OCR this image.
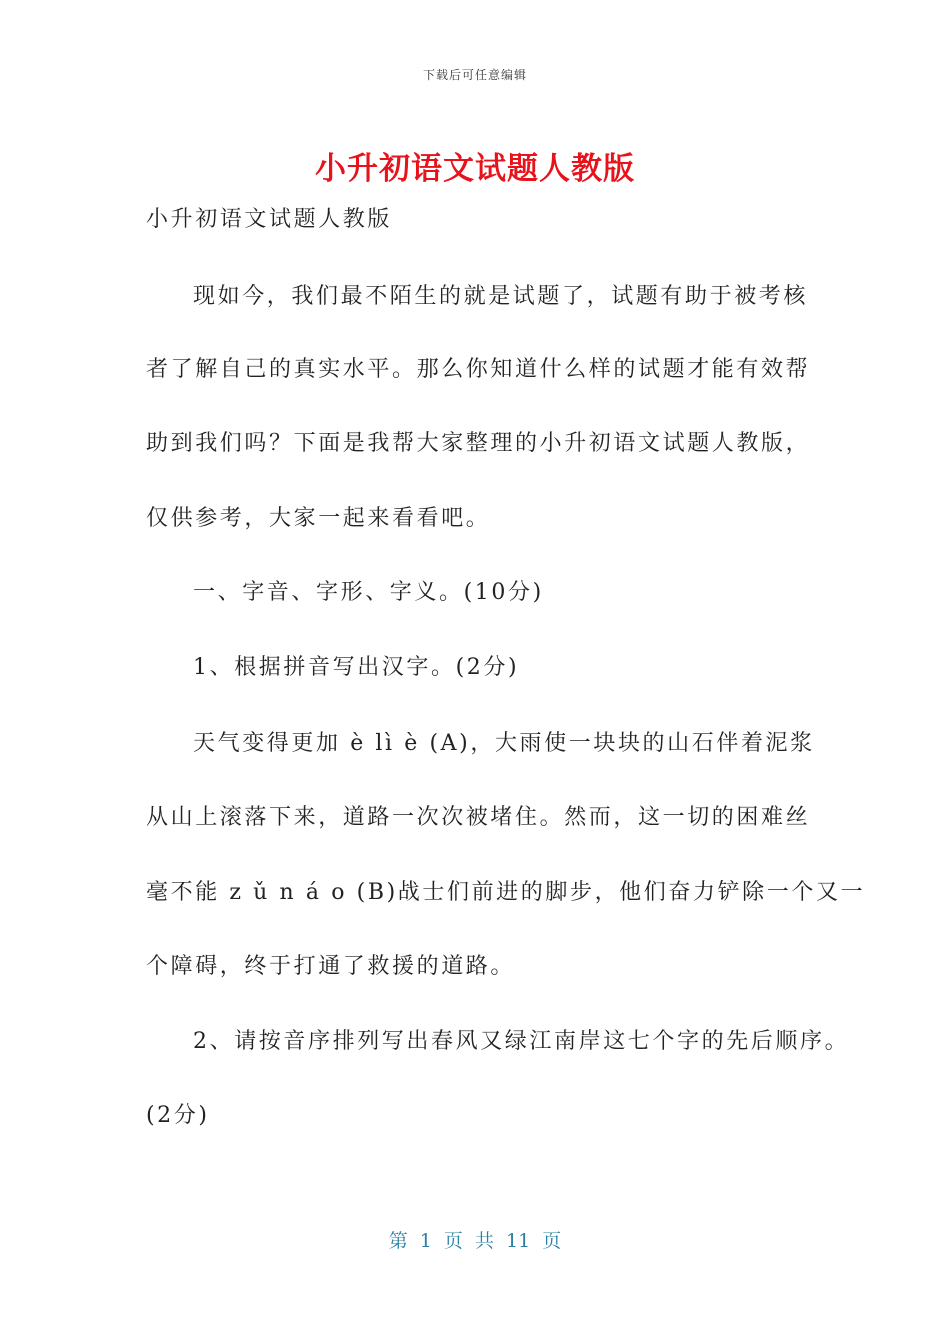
下载后可任意编辑
小升初语文试题人教版
小升初语文试题人教版
现如今，我们最不陌生的就是试题了，试题有助于被考核
者了解自己的真实水平。那么你知道什么样的试题才能有效帮
助到我们吗？下面是我帮大家整理的小升初语文试题人教版，
仅供参考，大家一起来看看吧。
一、字音、字形、字义。(10分)
1、根据拼音写出汉字。(2分)
天气变得更加 è lì è (A)，大雨使一块块的山石伴着泥浆
从山上滚落下来，道路一次次被堵住。然而，这一切的困难丝
毫不能 z ǔ n á o (B)战士们前进的脚步，他们奋力铲除一个又一
个障碍，终于打通了救援的道路。
2、请按音序排列写出春风又绿江南岸这七个字的先后顺序。
(2分)
第 1 页 共 11 页
